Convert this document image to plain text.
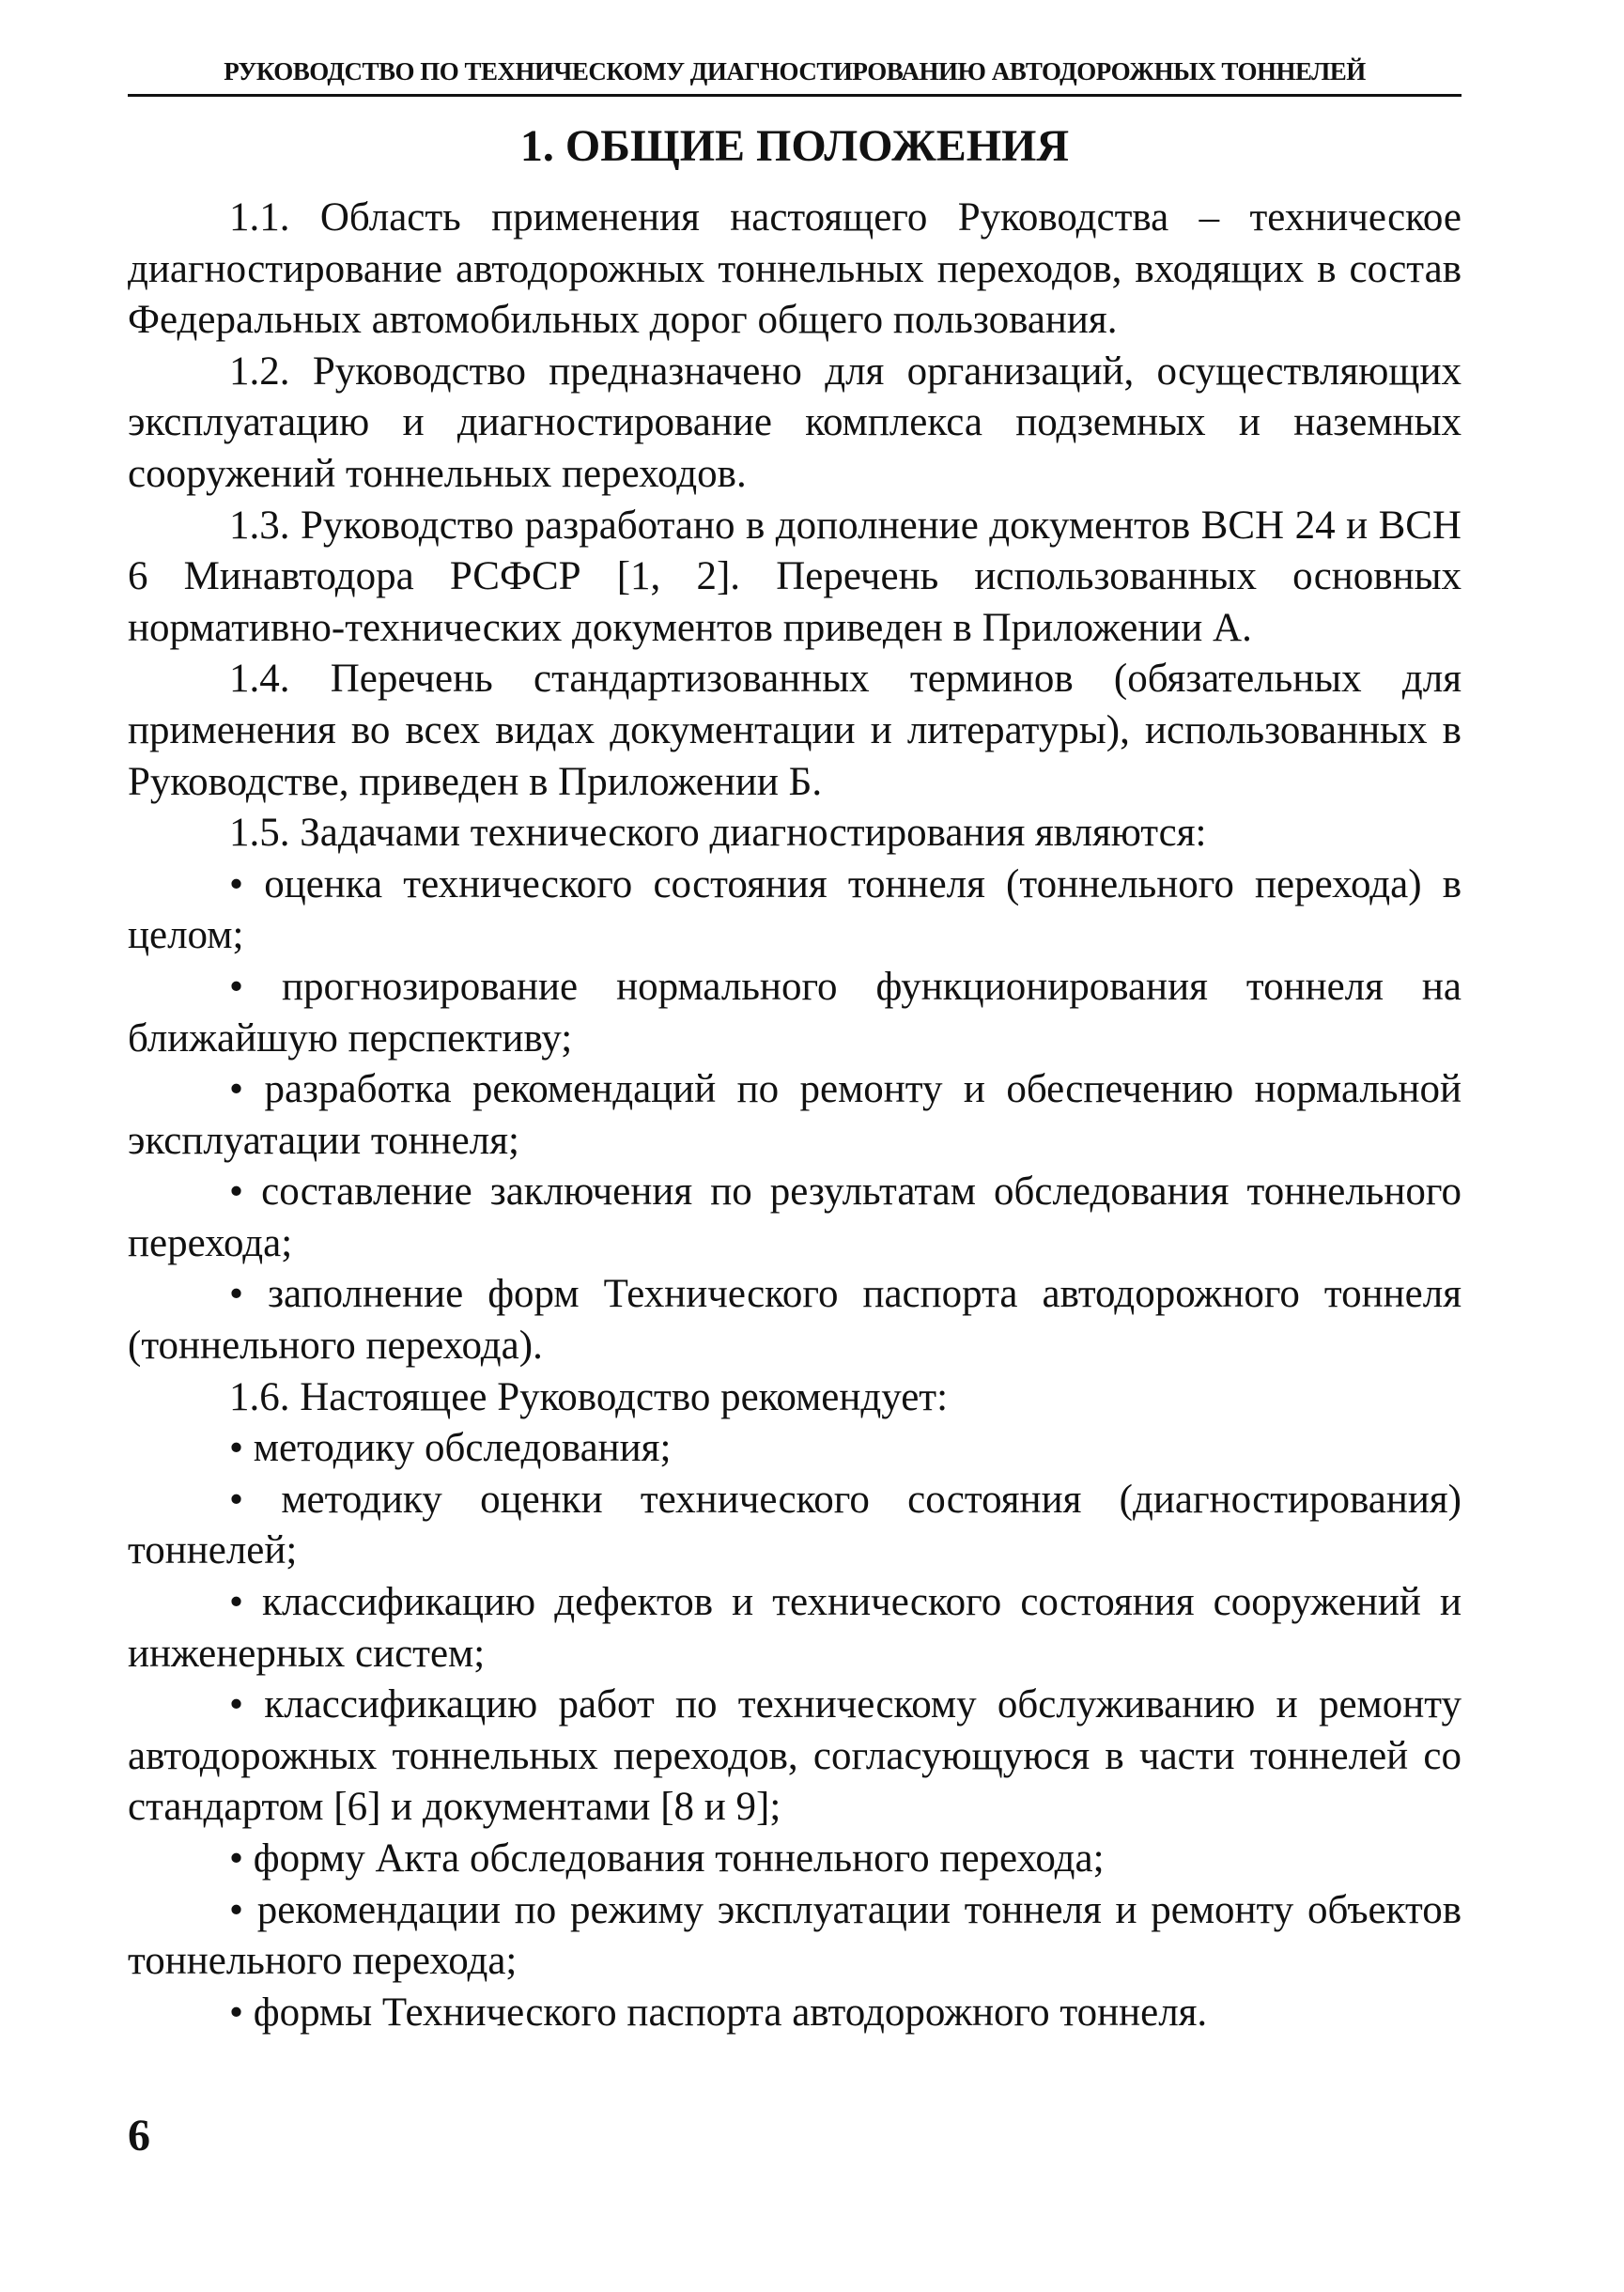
РУКОВОДСТВО ПО ТЕХНИЧЕСКОМУ ДИАГНОСТИРОВАНИЮ АВТОДОРОЖНЫХ ТОННЕЛЕЙ
1. ОБЩИЕ ПОЛОЖЕНИЯ

1.1. Область применения настоящего Руководства – техническое диагностирование автодорожных тоннельных переходов, входящих в состав Федеральных автомобильных дорог общего пользования.

1.2. Руководство предназначено для организаций, осуществляющих эксплуатацию и диагностирование комплекса подземных и наземных сооружений тоннельных переходов.

1.3. Руководство разработано в дополнение документов ВСН 24 и ВСН 6 Минавтодора РСФСР [1, 2]. Перечень использованных основных нормативно-технических документов приведен в Приложении А.

1.4. Перечень стандартизованных терминов (обязательных для применения во всех видах документации и литературы), использованных в Руководстве, приведен в Приложении Б.

1.5. Задачами технического диагностирования являются:

• оценка технического состояния тоннеля (тоннельного перехода) в целом;

• прогнозирование нормального функционирования тоннеля на ближайшую перспективу;

• разработка рекомендаций по ремонту и обеспечению нормальной эксплуатации тоннеля;

• составление заключения по результатам обследования тоннельного перехода;

• заполнение форм Технического паспорта автодорожного тоннеля (тоннельного перехода).

1.6. Настоящее Руководство рекомендует:

• методику обследования;

• методику оценки технического состояния (диагностирования) тоннелей;

• классификацию дефектов и технического состояния сооружений и инженерных систем;

• классификацию работ по техническому обслуживанию и ремонту автодорожных тоннельных переходов, согласующуюся в части тоннелей со стандартом [6] и документами [8 и 9];

• форму Акта обследования тоннельного перехода;

• рекомендации по режиму эксплуатации тоннеля и ремонту объектов тоннельного перехода;

• формы Технического паспорта автодорожного тоннеля.

6
